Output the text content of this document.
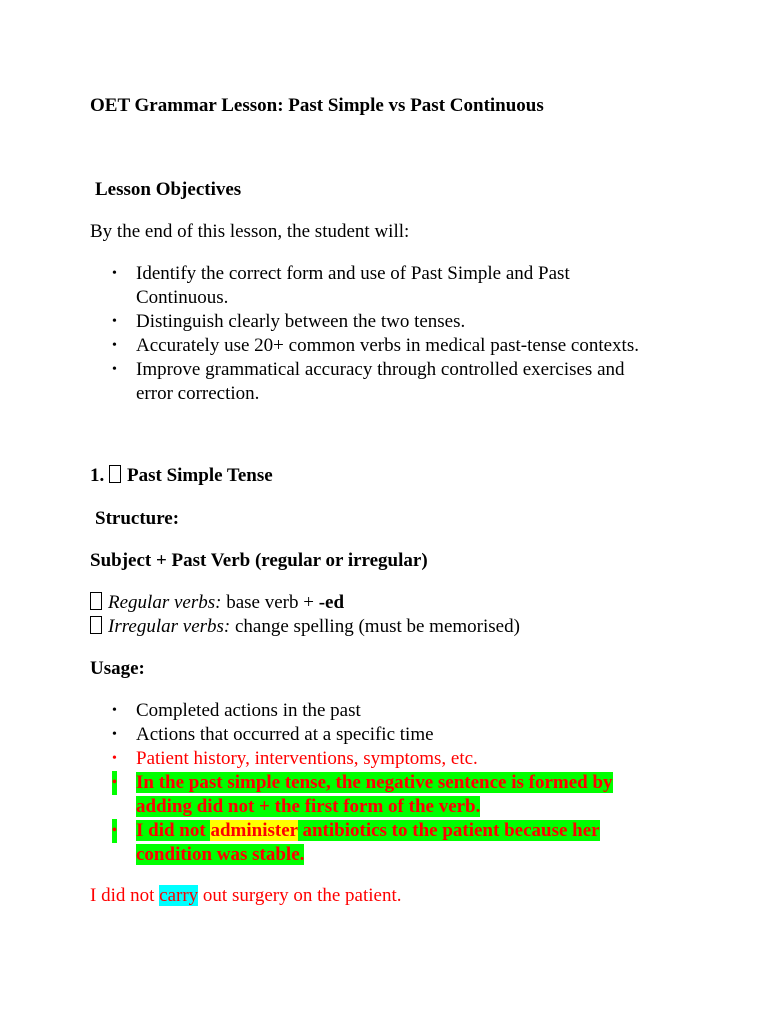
OET Grammar Lesson: Past Simple vs Past Continuous
Lesson Objectives
By the end of this lesson, the student will:
• Identify the correct form and use of Past Simple and Past
Continuous.
• Distinguish clearly between the two tenses.
• Accurately use 20+ common verbs in medical past-tense contexts.
• Improve grammatical accuracy through controlled exercises and
error correction.
1. Past Simple Tense
Structure:
Subject + Past Verb (regular or irregular)
Regular verbs: base verb + -ed
Irregular verbs: change spelling (must be memorised)
Usage:
• Completed actions in the past
• Actions that occurred at a specific time
• Patient history, interventions, symptoms, etc.
• In the past simple tense, the negative sentence is formed by
adding did not + the first form of the verb.
• I did not administer antibiotics to the patient because her
condition was stable.
I did not carry out surgery on the patient.
